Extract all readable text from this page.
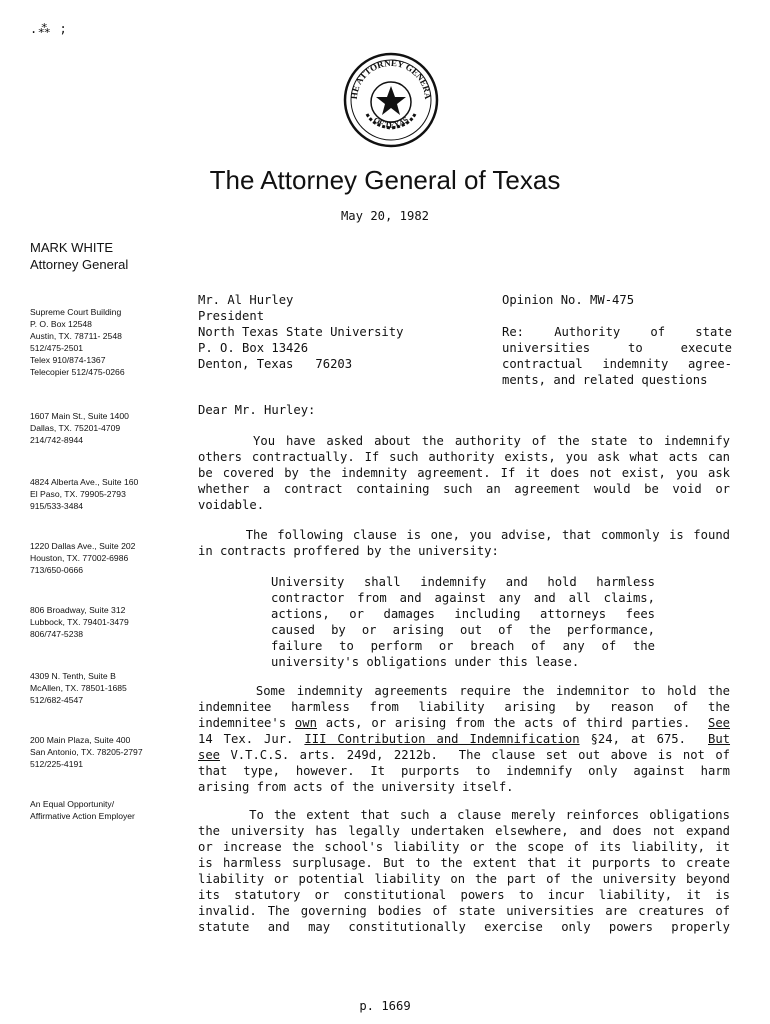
.⁂ ;
HE ATTORNEY GENERA
OF TEXAS
The Attorney General of Texas
May 20, 1982
MARK WHITE
Attorney General
Supreme Court Building
P. O. Box 12548
Austin, TX. 78711- 2548
512/475-2501
Telex 910/874-1367
Telecopier 512/475-0266
1607 Main St., Suite 1400
Dallas, TX. 75201-4709
214/742-8944
4824 Alberta Ave., Suite 160
El Paso, TX. 79905-2793
915/533-3484
1220 Dallas Ave., Suite 202
Houston, TX. 77002-6986
713/650-0666
806 Broadway, Suite 312
Lubbock, TX. 79401-3479
806/747-5238
4309 N. Tenth, Suite B
McAllen, TX. 78501-1685
512/682-4547
200 Main Plaza, Suite 400
San Antonio, TX. 78205-2797
512/225-4191
An Equal Opportunity/
Affirmative Action Employer
Mr. Al Hurley
President
North Texas State University
P. O. Box 13426
Denton, Texas   76203
Opinion No. MW-475
Re: Authority of state
universities to execute
contractual indemnity agree-
ments, and related questions
Dear Mr. Hurley:
You have asked about the authority of the state to indemnify
others contractually. If such authority exists, you ask what acts can
be covered by the indemnity agreement. If it does not exist, you ask
whether a contract containing such an agreement would be void or
voidable.
The following clause is one, you advise, that commonly is found
in contracts proffered by the university:
University shall indemnify and hold harmless
contractor from and against any and all claims,
actions, or damages including attorneys fees
caused by or arising out of the performance,
failure to perform or breach of any of the
university's obligations under this lease.
Some indemnity agreements require the indemnitor to hold the
indemnitee harmless from liability arising by reason of the
indemnitee's own acts, or arising from the acts of third parties.  See
14 Tex. Jur. III Contribution and Indemnification §24, at 675.  But
see V.T.C.S. arts. 249d, 2212b.  The clause set out above is not of
that type, however. It purports to indemnify only against harm
arising from acts of the university itself.
To the extent that such a clause merely reinforces obligations
the university has legally undertaken elsewhere, and does not expand
or increase the school's liability or the scope of its liability, it
is harmless surplusage. But to the extent that it purports to create
liability or potential liability on the part of the university beyond
its statutory or constitutional powers to incur liability, it is
invalid. The governing bodies of state universities are creatures of
statute and may constitutionally exercise only powers properly
p. 1669
